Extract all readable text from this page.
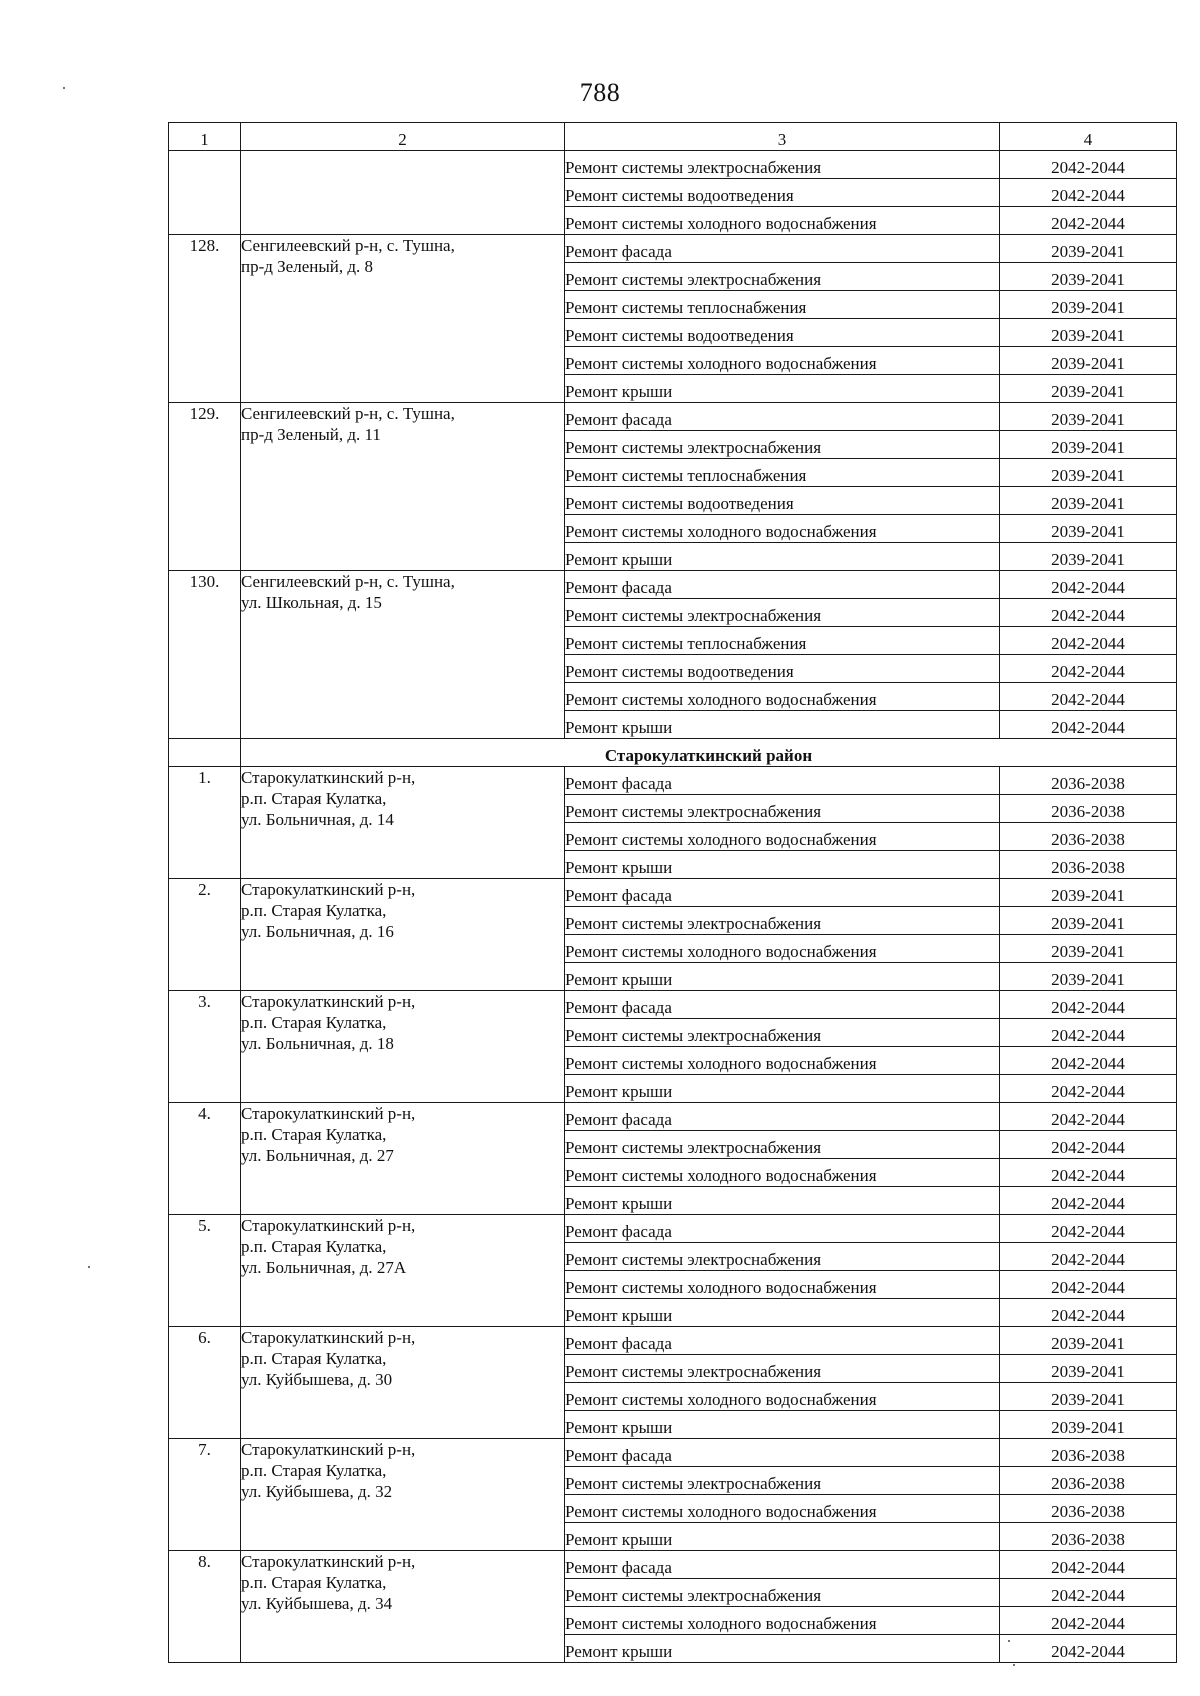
788
1	2	3	4
		Ремонт системы электроснабжения	2042-2044
		Ремонт системы водоотведения	2042-2044
		Ремонт системы холодного водоснабжения	2042-2044
128.	Сенгилеевский р-н, с. Тушна,
пр-д Зеленый, д. 8	Ремонт фасада	2039-2041
		Ремонт системы электроснабжения	2039-2041
		Ремонт системы теплоснабжения	2039-2041
		Ремонт системы водоотведения	2039-2041
		Ремонт системы холодного водоснабжения	2039-2041
		Ремонт крыши	2039-2041
129.	Сенгилеевский р-н, с. Тушна,
пр-д Зеленый, д. 11	Ремонт фасада	2039-2041
		Ремонт системы электроснабжения	2039-2041
		Ремонт системы теплоснабжения	2039-2041
		Ремонт системы водоотведения	2039-2041
		Ремонт системы холодного водоснабжения	2039-2041
		Ремонт крыши	2039-2041
130.	Сенгилеевский р-н, с. Тушна,
ул. Школьная, д. 15	Ремонт фасада	2042-2044
		Ремонт системы электроснабжения	2042-2044
		Ремонт системы теплоснабжения	2042-2044
		Ремонт системы водоотведения	2042-2044
		Ремонт системы холодного водоснабжения	2042-2044
		Ремонт крыши	2042-2044
	Старокулаткинский район		
1.	Старокулаткинский р-н,
р.п. Старая Кулатка,
ул. Больничная, д. 14	Ремонт фасада	2036-2038
		Ремонт системы электроснабжения	2036-2038
		Ремонт системы холодного водоснабжения	2036-2038
		Ремонт крыши	2036-2038
2.	Старокулаткинский р-н,
р.п. Старая Кулатка,
ул. Больничная, д. 16	Ремонт фасада	2039-2041
		Ремонт системы электроснабжения	2039-2041
		Ремонт системы холодного водоснабжения	2039-2041
		Ремонт крыши	2039-2041
3.	Старокулаткинский р-н,
р.п. Старая Кулатка,
ул. Больничная, д. 18	Ремонт фасада	2042-2044
		Ремонт системы электроснабжения	2042-2044
		Ремонт системы холодного водоснабжения	2042-2044
		Ремонт крыши	2042-2044
4.	Старокулаткинский р-н,
р.п. Старая Кулатка,
ул. Больничная, д. 27	Ремонт фасада	2042-2044
		Ремонт системы электроснабжения	2042-2044
		Ремонт системы холодного водоснабжения	2042-2044
		Ремонт крыши	2042-2044
5.	Старокулаткинский р-н,
р.п. Старая Кулатка,
ул. Больничная, д. 27А	Ремонт фасада	2042-2044
		Ремонт системы электроснабжения	2042-2044
		Ремонт системы холодного водоснабжения	2042-2044
		Ремонт крыши	2042-2044
6.	Старокулаткинский р-н,
р.п. Старая Кулатка,
ул. Куйбышева, д. 30	Ремонт фасада	2039-2041
		Ремонт системы электроснабжения	2039-2041
		Ремонт системы холодного водоснабжения	2039-2041
		Ремонт крыши	2039-2041
7.	Старокулаткинский р-н,
р.п. Старая Кулатка,
ул. Куйбышева, д. 32	Ремонт фасада	2036-2038
		Ремонт системы электроснабжения	2036-2038
		Ремонт системы холодного водоснабжения	2036-2038
		Ремонт крыши	2036-2038
8.	Старокулаткинский р-н,
р.п. Старая Кулатка,
ул. Куйбышева, д. 34	Ремонт фасада	2042-2044
		Ремонт системы электроснабжения	2042-2044
		Ремонт системы холодного водоснабжения	2042-2044
		Ремонт крыши	2042-2044
